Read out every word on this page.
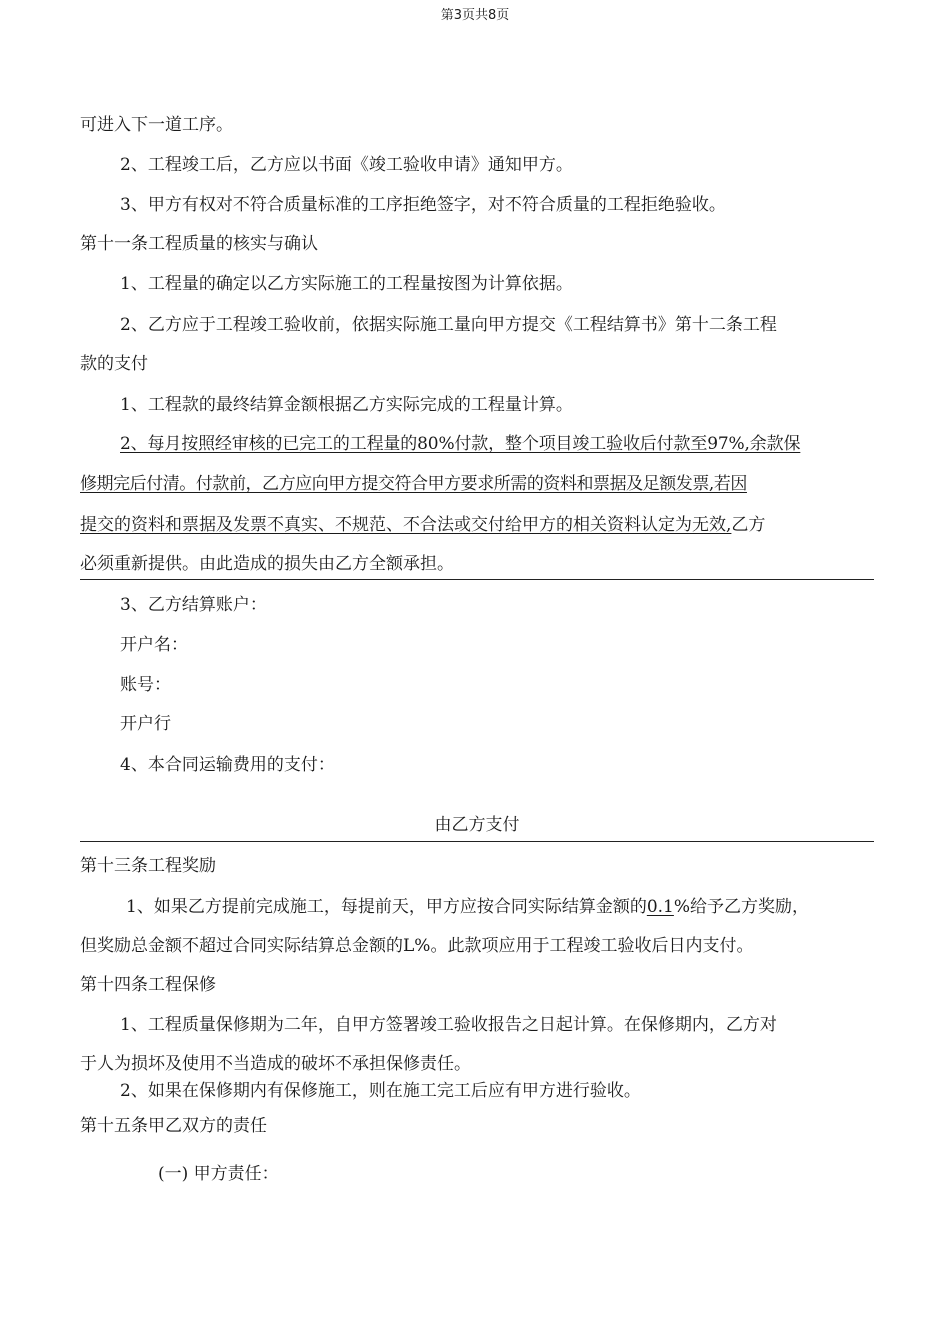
第3页共8页
可进入下一道工序。
2、工程竣工后，乙方应以书面《竣工验收申请》通知甲方。
3、甲方有权对不符合质量标准的工序拒绝签字，对不符合质量的工程拒绝验收。
第十一条工程质量的核实与确认
1、工程量的确定以乙方实际施工的工程量按图为计算依据。
2、乙方应于工程竣工验收前，依据实际施工量向甲方提交《工程结算书》第十二条工程
款的支付
1、工程款的最终结算金额根据乙方实际完成的工程量计算。
2、每月按照经审核的已完工的工程量的80%付款，整个项目竣工验收后付款至97%,余款保
修期完后付清。付款前，乙方应向甲方提交符合甲方要求所需的资料和票据及足额发票,若因
提交的资料和票据及发票不真实、不规范、不合法或交付给甲方的相关资料认定为无效,乙方
必须重新提供。由此造成的损失由乙方全额承担。
3、乙方结算账户：
开户名：
账号：
开户行
4、本合同运输费用的支付：
由乙方支付
第十三条工程奖励
1、如果乙方提前完成施工，每提前天，甲方应按合同实际结算金额的0.1%给予乙方奖励，
但奖励总金额不超过合同实际结算总金额的L%。此款项应用于工程竣工验收后日内支付。
第十四条工程保修
1、工程质量保修期为二年，自甲方签署竣工验收报告之日起计算。在保修期内，乙方对
于人为损坏及使用不当造成的破坏不承担保修责任。
2、如果在保修期内有保修施工，则在施工完工后应有甲方进行验收。
第十五条甲乙双方的责任
(一) 甲方责任：
